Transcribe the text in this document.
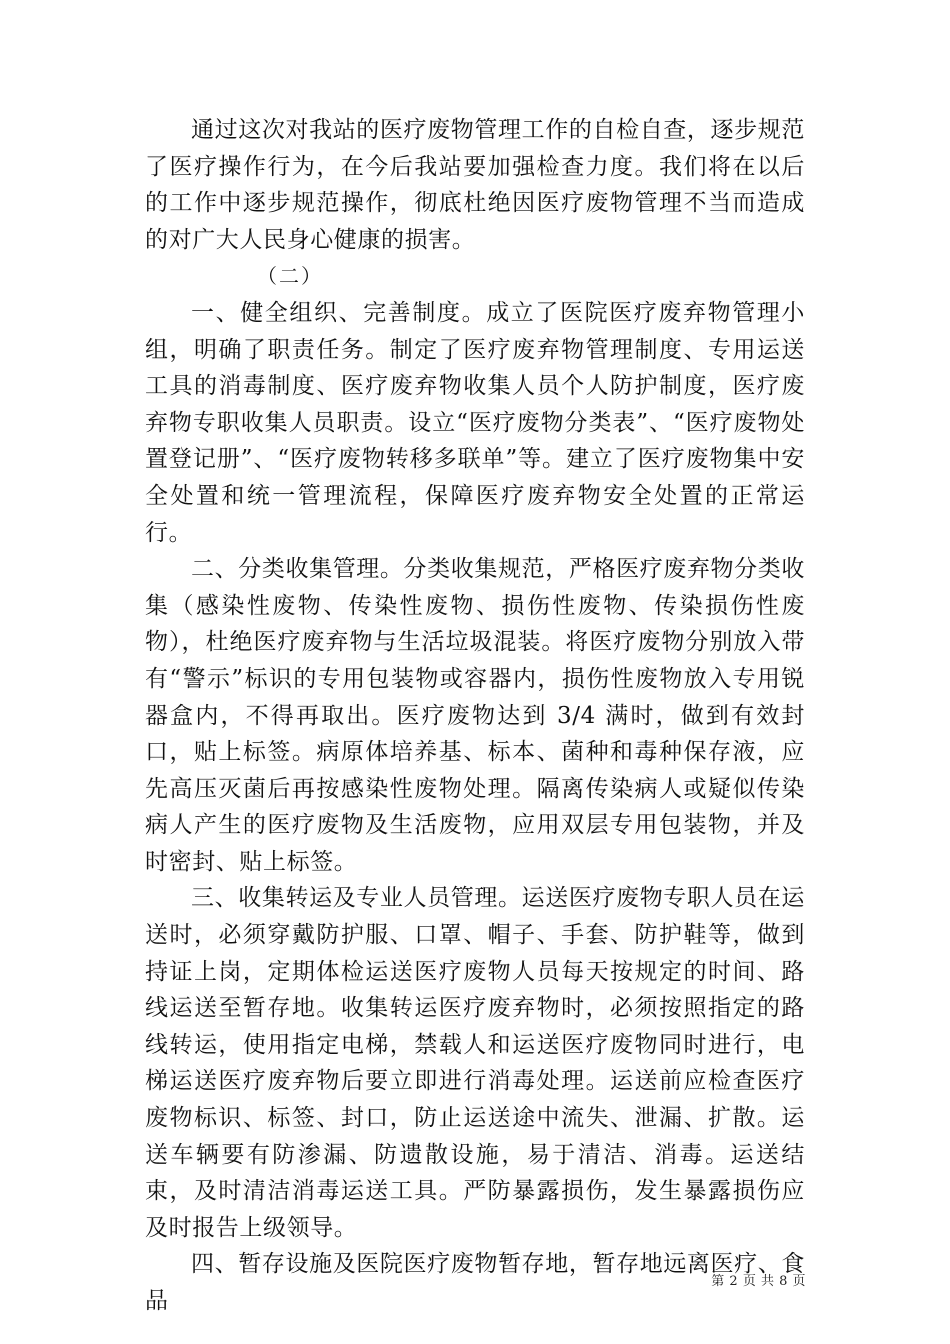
通过这次对我站的医疗废物管理工作的自检自查，逐步规范了医疗操作行为，在今后我站要加强检查力度。我们将在以后的工作中逐步规范操作，彻底杜绝因医疗废物管理不当而造成的对广大人民身心健康的损害。

（二）

一、健全组织、完善制度。成立了医院医疗废弃物管理小组，明确了职责任务。制定了医疗废弃物管理制度、专用运送工具的消毒制度、医疗废弃物收集人员个人防护制度，医疗废弃物专职收集人员职责。设立“医疗废物分类表”、“医疗废物处置登记册”、“医疗废物转移多联单”等。建立了医疗废物集中安全处置和统一管理流程，保障医疗废弃物安全处置的正常运行。

二、分类收集管理。分类收集规范，严格医疗废弃物分类收集（感染性废物、传染性废物、损伤性废物、传染损伤性废物），杜绝医疗废弃物与生活垃圾混装。将医疗废物分别放入带有“警示”标识的专用包装物或容器内，损伤性废物放入专用锐器盒内，不得再取出。医疗废物达到 3/4 满时，做到有效封口，贴上标签。病原体培养基、标本、菌种和毒种保存液，应先高压灭菌后再按感染性废物处理。隔离传染病人或疑似传染病人产生的医疗废物及生活废物，应用双层专用包装物，并及时密封、贴上标签。

三、收集转运及专业人员管理。运送医疗废物专职人员在运送时，必须穿戴防护服、口罩、帽子、手套、防护鞋等，做到持证上岗，定期体检运送医疗废物人员每天按规定的时间、路线运送至暂存地。收集转运医疗废弃物时，必须按照指定的路线转运，使用指定电梯，禁载人和运送医疗废物同时进行，电梯运送医疗废弃物后要立即进行消毒处理。运送前应检查医疗废物标识、标签、封口，防止运送途中流失、泄漏、扩散。运送车辆要有防渗漏、防遗散设施，易于清洁、消毒。运送结束，及时清洁消毒运送工具。严防暴露损伤，发生暴露损伤应及时报告上级领导。

四、暂存设施及医院医疗废物暂存地，暂存地远离医疗、食品

第 2 页 共 8 页
